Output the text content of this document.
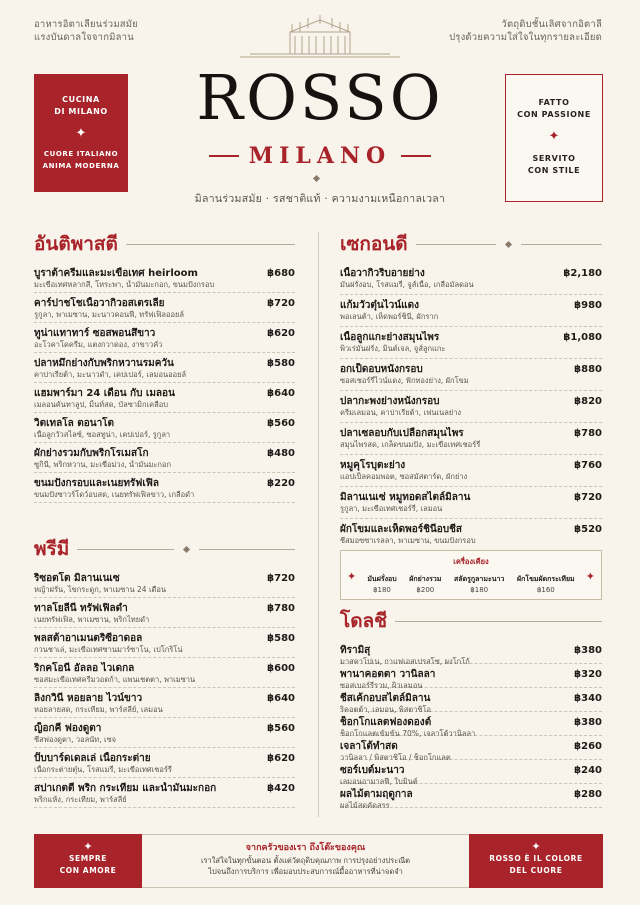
อาหารอิตาเลียนร่วมสมัย
แรงบันดาลใจจากมิลาน
วัตถุดิบชั้นเลิศจากอิตาลี
ปรุงด้วยความใส่ใจในทุกรายละเอียด
CUCINA
DI MILANO
✦
CUORE ITALIANO
ANIMA MODERNA
FATTO
CON PASSIONE
✦
SERVITO
CON STILE
ROSSO
MILANO
มิลานร่วมสมัย · รสชาติแท้ · ความงามเหนือกาลเวลา
อันติพาสตี
บูราต้าครีมและมะเขือเทศ heirloom
มะเขือเทศหลากสี, โหระพา, น้ำมันมะกอก, ขนมปังกรอบ
฿680
คาร์ปาชโชเนื้อวากิวอสเตรเลีย
รูกูลา, พาเมซาน, มะนาวคอนฟี, ทรัฟเฟิลออยล์
฿720
ทูน่าแทาทาร์ ซอสพอนสึขาว
อะโวคาโดครีม, แตงกวาดอง, งาขาวคั่ว
฿620
ปลาหมึกย่างกับพริกหวานรมควัน
คาปาเรียต้า, มะนาวดำ, เคปเปอร์, เลมอนออยล์
฿580
แฮมพาร์มา 24 เดือน กับ เมลอน
เมลอนคันทาลูป, มิ้นท์สด, บัลซามิกเคลือบ
฿640
วิตเทลโล ตอนาโต
เนื้อลูกวัวสไลซ์, ซอสทูน่า, เคปเปอร์, รูกูลา
฿560
ผักย่างรวมกับพริกโรเมสโก
ซูกินี, พริกหวาน, มะเขือม่วง, น้ำมันมะกอก
฿480
ขนมปังกรอบและเนยทรัฟเฟิล
ขนมปังซาวร์โดว์อบสด, เนยทรัฟเฟิลขาว, เกลือดำ
฿220
พรีมี
ริซอตโต มิลานเนเซ
หญ้าฝรั่น, ไขกระดูก, พาเมซาน 24 เดือน
฿720
ทาลโยลีนี ทรัฟเฟิลดำ
เนยทรัฟเฟิล, พาเมซาน, พริกไทยดำ
฿780
พลสต้าอาเมนตริซีอาดอล
กวนชาเล่, มะเขือเทศซานมาร์ซาโน, เปโกริโน่
฿580
ริกคโอนี อัลลอ ไวเดกล
ซอสมะเขือเทศครีมวอดก้า, แพนเชตตา, พาเมซาน
฿600
ลิงกวินี หอยลาย ไวน์ขาว
หอยลายสด, กระเทียม, พาร์สลีย์, เลมอน
฿640
ญ็อกคี ฟองดูตา
ชีสฟองดูตา, วอลนัท, เซจ
฿560
ปั๊บบาร์ดเดลเล่ เนื้อกระต่าย
เนื้อกระต่ายตุ๋น, โรสแมรี่, มะเขือเทศเชอร์รี่
฿620
สปาเกตตี พริก กระเทียม และน้ำมันมะกอก
พริกแห้ง, กระเทียม, พาร์สลีย์
฿420
เซกอนดี
เนื้อวากิวริบอายย่าง
มันฝรั่งอบ, โรสแมรี่, จูส์เนื้อ, เกลือมัลดอน
฿2,180
แก้มวัวตุ๋นไวน์แดง
พอเลนต้า, เห็ดพอร์ชินี, ผักราก
฿980
เนื้อลูกแกะย่างสมุนไพร
พิวเร่มันฝรั่ง, มินต์เจล, จูส์ลูกแกะ
฿1,080
อกเป็ดอบหนังกรอบ
ซอสเชอร์รี่ไวน์แดง, ฟักทองย่าง, ผักโขม
฿880
ปลากะพงย่างหนังกรอบ
ครีมเลมอน, คาปาเรียต้า, เฟนเนลย่าง
฿820
ปลาเซลอบกับเปลือกสมุนไพร
สมุนไพรสด, เกล็ดขนมปัง, มะเขือเทศเชอร์รี่
฿780
หมูคุโรบุตะย่าง
แอปเปิ้ลคอมพอต, ซอสมัสตาร์ด, ผักย่าง
฿760
มิลานเนเซ่ หมูทอดสไตล์มิลาน
รูกูลา, มะเขือเทศเชอร์รี่, เลมอน
฿720
ผักโขมและเห็ดพอร์ชินีอบชีส
ชีสมอซซาเรลลา, พาเมซาน, ขนมปังกรอบ
฿520
เครื่องเคียง
✦	✦
มันฝรั่งอบ
฿180
ผักย่างรวม
฿200
สลัดรูกูลามะนาว
฿180
ผักโขมผัดกระเทียม
฿160
โดลชี
ทิรามิสุ
มาสคาโปเน, กาแฟเอสเปรสโซ, ผงโกโก้
฿380
พานาคอตตา วานิลลา
ซอสเบอร์รี่รวม, ผิวเลมอน
฿320
ชีสเค้กอบสไตล์มิลาน
ริคอตต้า, เลมอน, พิสตาชิโอ
฿340
ช็อกโกแลตฟองดองต์
ช็อกโกแลตเข้มข้น 70%, เจลาโต้วานิลลา
฿380
เจลาโต้ทำสด
วานิลลา / พิสตาชิโอ / ช็อกโกแลต
฿260
ซอร์เบต์มะนาว
เลมอนอามาลฟี, ใบมินต์
฿240
ผลไม้ตามฤดูกาล
ผลไม้สดคัดสรร
฿280
✦
SEMPRE
CON AMORE
จากครัวของเรา ถึงโต๊ะของคุณ
เราใส่ใจในทุกขั้นตอน ตั้งแต่วัตถุดิบคุณภาพ การปรุงอย่างประณีต
ไปจนถึงการบริการ เพื่อมอบประสบการณ์มื้ออาหารที่น่าจดจำ
✦
ROSSO È IL COLORE
DEL CUORE
